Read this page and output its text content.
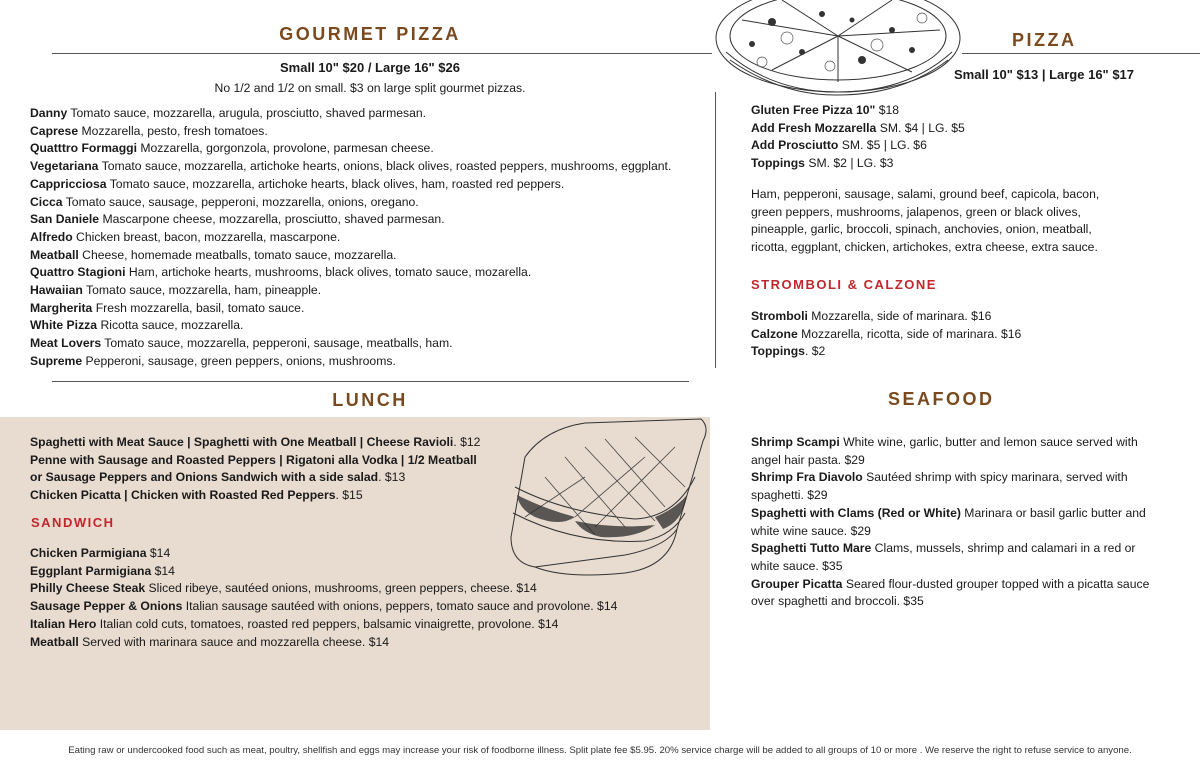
GOURMET PIZZA
Small 10" $20 / Large 16" $26
No 1/2 and 1/2 on small. $3 on large split gourmet pizzas.
Danny Tomato sauce, mozzarella, arugula, prosciutto, shaved parmesan.
Caprese Mozzarella, pesto, fresh tomatoes.
Quatttro Formaggi Mozzarella, gorgonzola, provolone, parmesan cheese.
Vegetariana Tomato sauce, mozzarella, artichoke hearts, onions, black olives, roasted peppers, mushrooms, eggplant.
Cappricciosa Tomato sauce, mozzarella, artichoke hearts, black olives, ham, roasted red peppers.
Cicca Tomato sauce, sausage, pepperoni, mozzarella, onions, oregano.
San Daniele Mascarpone cheese, mozzarella, prosciutto, shaved parmesan.
Alfredo Chicken breast, bacon, mozzarella, mascarpone.
Meatball Cheese, homemade meatballs, tomato sauce, mozzarella.
Quattro Stagioni Ham, artichoke hearts, mushrooms, black olives, tomato sauce, mozarella.
Hawaiian Tomato sauce, mozzarella, ham, pineapple.
Margherita Fresh mozzarella, basil, tomato sauce.
White Pizza Ricotta sauce, mozzarella.
Meat Lovers Tomato sauce, mozzarella, pepperoni, sausage, meatballs, ham.
Supreme Pepperoni, sausage, green peppers, onions, mushrooms.
PIZZA
Small 10" $13 | Large 16" $17
Gluten Free Pizza 10" $18
Add Fresh Mozzarella SM. $4 | LG. $5
Add Prosciutto SM. $5 | LG. $6
Toppings SM. $2 | LG. $3
Ham, pepperoni, sausage, salami, ground beef, capicola, bacon, green peppers, mushrooms, jalapenos, green or black olives, pineapple, garlic, broccoli, spinach, anchovies, onion, meatball, ricotta, eggplant, chicken, artichokes, extra cheese, extra sauce.
STROMBOLI & CALZONE
Stromboli Mozzarella, side of marinara. $16
Calzone Mozzarella, ricotta, side of marinara. $16
Toppings. $2
LUNCH
Spaghetti with Meat Sauce | Spaghetti with One Meatball | Cheese Ravioli. $12
Penne with Sausage and Roasted Peppers | Rigatoni alla Vodka | 1/2 Meatball
or Sausage Peppers and Onions Sandwich with a side salad. $13
Chicken Picatta | Chicken with Roasted Red Peppers. $15
SANDWICH
Chicken Parmigiana $14
Eggplant Parmigiana $14
Philly Cheese Steak Sliced ribeye, sautéed onions, mushrooms, green peppers, cheese. $14
Sausage Pepper & Onions Italian sausage sautéed with onions, peppers, tomato sauce and provolone. $14
Italian Hero Italian cold cuts, tomatoes, roasted red peppers, balsamic vinaigrette, provolone. $14
Meatball Served with marinara sauce and mozzarella cheese. $14
SEAFOOD
Shrimp Scampi White wine, garlic, butter and lemon sauce served with angel hair pasta. $29
Shrimp Fra Diavolo Sautéed shrimp with spicy marinara, served with spaghetti. $29
Spaghetti with Clams (Red or White) Marinara or basil garlic butter and white wine sauce. $29
Spaghetti Tutto Mare Clams, mussels, shrimp and calamari in a red or white sauce. $35
Grouper Picatta Seared flour-dusted grouper topped with a picatta sauce over spaghetti and broccoli. $35
Eating raw or undercooked food such as meat, poultry, shellfish and eggs may increase your risk of foodborne illness. Split plate fee $5.95. 20% service charge will be added to all groups of 10 or more . We reserve the right to refuse service to anyone.
